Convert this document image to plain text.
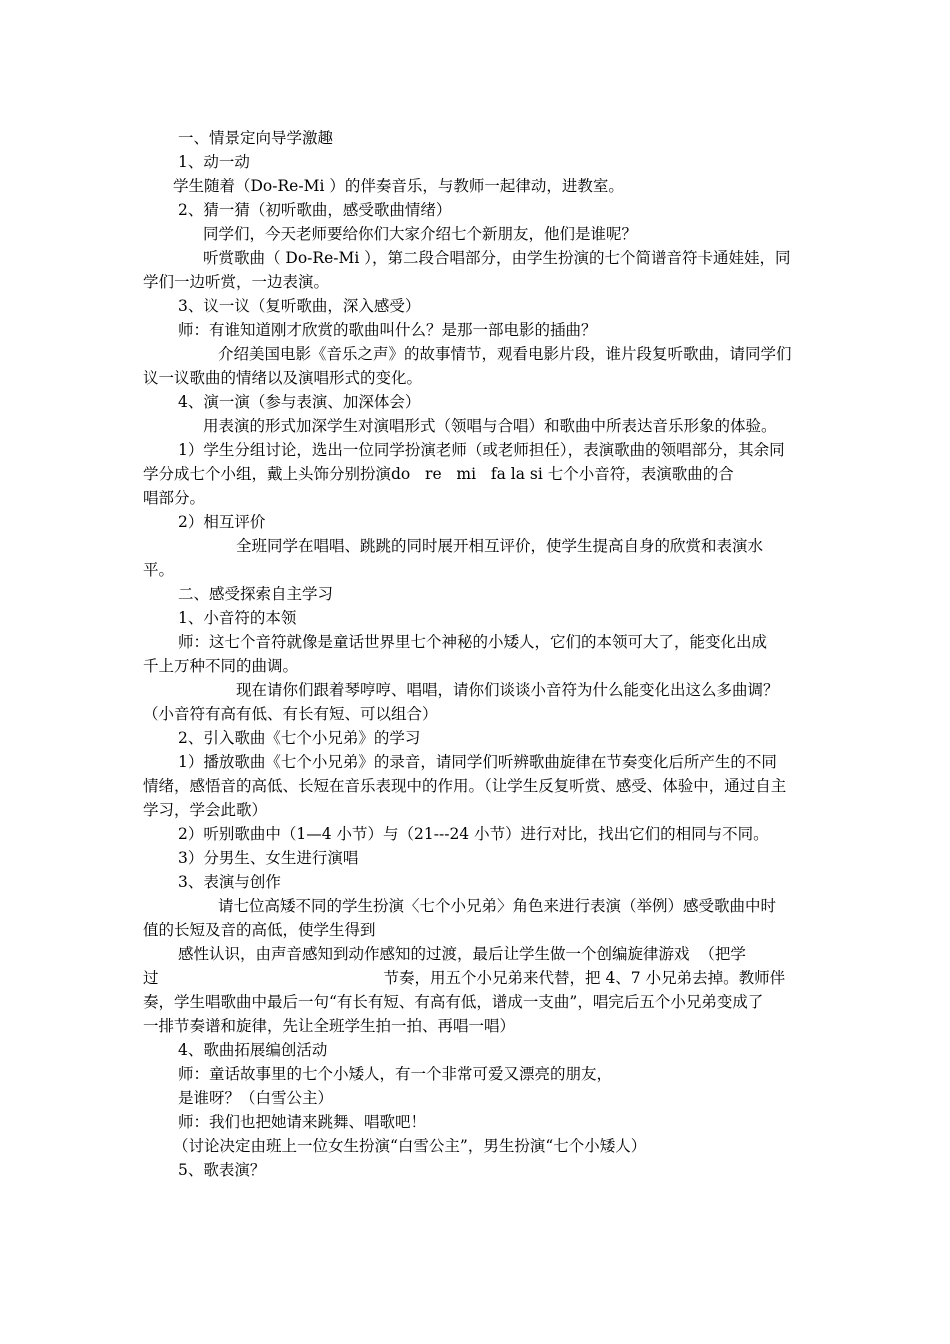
一、情景定向导学激趣

1、动一动

学生随着（Do-Re-Mi ）的伴奏音乐，与教师一起律动，进教室。

2、猜一猜（初听歌曲，感受歌曲情绪）

同学们，今天老师要给你们大家介绍七个新朋友，他们是谁呢？

听赏歌曲（ Do-Re-Mi ），第二段合唱部分，由学生扮演的七个简谱音符卡通娃娃，同

学们一边听赏，一边表演。

3、议一议（复听歌曲，深入感受）

师：有谁知道刚才欣赏的歌曲叫什么？是那一部电影的插曲？

介绍美国电影《音乐之声》的故事情节，观看电影片段，谁片段复听歌曲，请同学们

议一议歌曲的情绪以及演唱形式的变化。

4、演一演（参与表演、加深体会）

用表演的形式加深学生对演唱形式（领唱与合唱）和歌曲中所表达音乐形象的体验。

1）学生分组讨论，选出一位同学扮演老师（或老师担任），表演歌曲的领唱部分，其余同

学分成七个小组，戴上头饰分别扮演do   re   mi   fa la si 七个小音符，表演歌曲的合

唱部分。

2）相互评价

全班同学在唱唱、跳跳的同时展开相互评价，使学生提高自身的欣赏和表演水

平。

二、感受探索自主学习

1、小音符的本领

师：这七个音符就像是童话世界里七个神秘的小矮人，它们的本领可大了，能变化出成

千上万种不同的曲调。

现在请你们跟着琴哼哼、唱唱，请你们谈谈小音符为什么能变化出这么多曲调？

（小音符有高有低、有长有短、可以组合）

2、引入歌曲《七个小兄弟》的学习

1）播放歌曲《七个小兄弟》的录音，请同学们听辨歌曲旋律在节奏变化后所产生的不同

情绪，感悟音的高低、长短在音乐表现中的作用。（让学生反复听赏、感受、体验中，通过自主

学习，学会此歌）

2）听别歌曲中（1—4 小节）与（21---24 小节）进行对比，找出它们的相同与不同。

3）分男生、女生进行演唱

3、表演与创作

请七位高矮不同的学生扮演〈七个小兄弟〉角色来进行表演（举例）感受歌曲中时

值的长短及音的高低，使学生得到

感性认识，由声音感知到动作感知的过渡，最后让学生做一个创编旋律游戏  （把学

过	节奏，用五个小兄弟来代替，把 4、7 小兄弟去掉。教师伴

奏，学生唱歌曲中最后一句“有长有短、有高有低，谱成一支曲”，唱完后五个小兄弟变成了

一排节奏谱和旋律，先让全班学生拍一拍、再唱一唱）

4、歌曲拓展编创活动

师：童话故事里的七个小矮人，有一个非常可爱又漂亮的朋友，

是谁呀？（白雪公主）

师：我们也把她请来跳舞、唱歌吧！

（讨论决定由班上一位女生扮演“白雪公主”，男生扮演“七个小矮人）

5、歌表演？
